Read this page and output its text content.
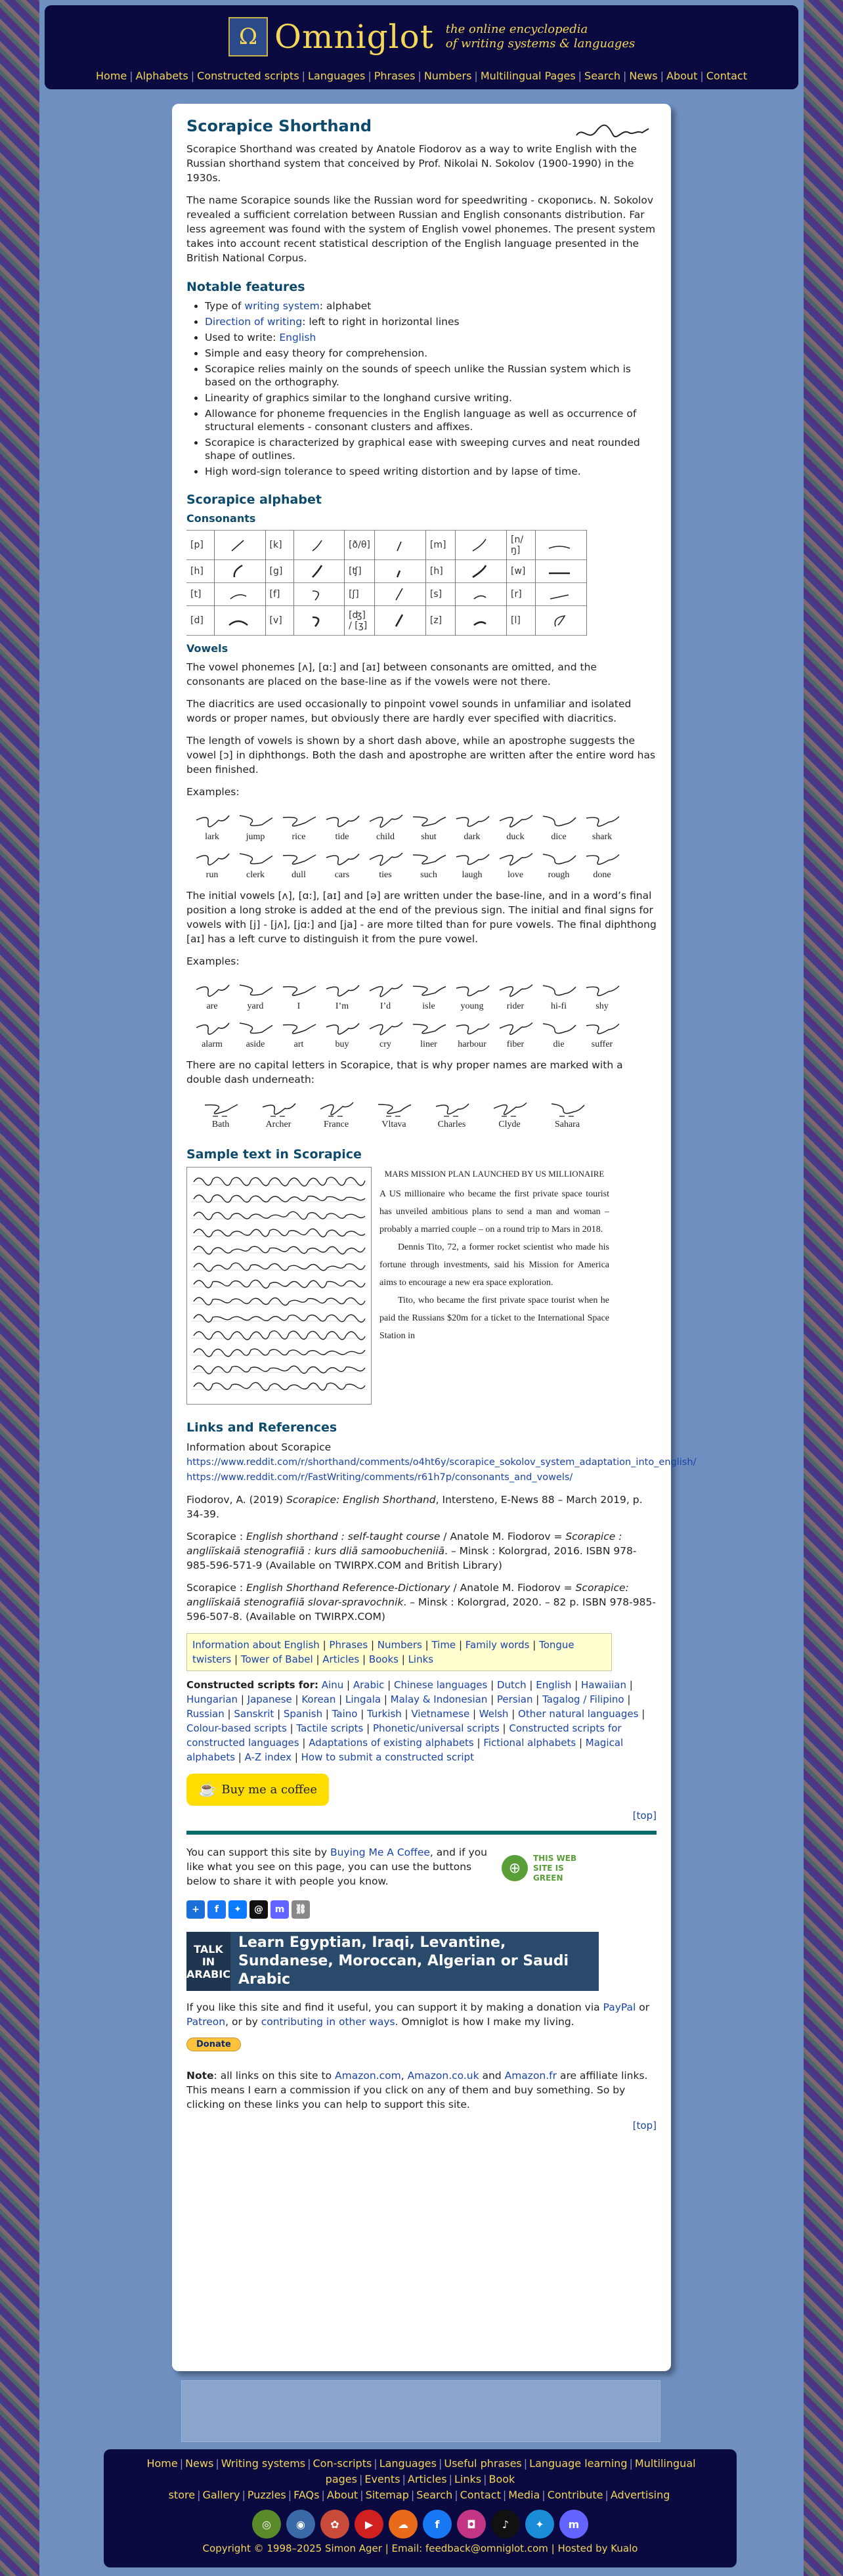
Ω Omniglot the online encyclopedia
of writing systems & languages
Home | Alphabets | Constructed scripts | Languages | Phrases | Numbers | Multilingual Pages | Search | News | About | Contact
Scorapice Shorthand

Scorapice Shorthand was created by Anatole Fiodorov as a way to write English with the Russian shorthand system that conceived by Prof. Nikolai N. Sokolov (1900-1990) in the 1930s.

The name Scorapice sounds like the Russian word for speedwriting - скоропись. N. Sokolov revealed a sufficient correlation between Russian and English consonants distribution. Far less agreement was found with the system of English vowel phonemes. The present system takes into account recent statistical description of the English language presented in the British National Corpus.

Notable features
• Type of writing system: alphabet
• Direction of writing: left to right in horizontal lines
• Used to write: English
• Simple and easy theory for comprehension.
• Scorapice relies mainly on the sounds of speech unlike the Russian system which is based on the orthography.
• Linearity of graphics similar to the longhand cursive writing.
• Allowance for phoneme frequencies in the English language as well as occurrence of structural elements - consonant clusters and affixes.
• Scorapice is characterized by graphical ease with sweeping curves and neat rounded shape of outlines.
• High word-sign tolerance to speed writing distortion and by lapse of time.
Scorapice alphabet
Consonants
[p]		[k]		[ð/θ]		[m]		[n/ŋ]	
[h]		[g]		[ʧ]		[h]		[w]	
[t]		[f]		[ʃ]		[s]		[r]	
[d]		[v]		[ʤ] / [ʒ]		[z]		[l]	
Vowels

The vowel phonemes [ʌ], [ɑ:] and [aɪ] between consonants are omitted, and the consonants are placed on the base-line as if the vowels were not there.

The diacritics are used occasionally to pinpoint vowel sounds in unfamiliar and isolated words or proper names, but obviously there are hardly ever specified with diacritics.

The length of vowels is shown by a short dash above, while an apostrophe suggests the vowel [ɔ] in diphthongs. Both the dash and apostrophe are written after the entire word has been finished.

Examples:

lark	jump	rice	tide	child	shut	dark	duck	dice	shark
run	clerk	dull	cars	ties	such	laugh	love	rough	done

The initial vowels [ʌ], [ɑ:], [aɪ] and [ə] are written under the base-line, and in a word’s final position a long stroke is added at the end of the previous sign. The initial and final signs for vowels with [j] - [jʌ], [jɑ:] and [ja] - are more tilted than for pure vowels. The final diphthong [aɪ] has a left curve to distinguish it from the pure vowel.

Examples:

are	yard	I	I’m	I’d	isle	young	rider	hi-fi	shy
alarm	aside	art	buy	cry	liner	harbour	fiber	die	suffer

There are no capital letters in Scorapice, that is why proper names are marked with a double dash underneath:

Bath	Archer	France	Vltava	Charles	Clyde	Sahara
Sample text in Scorapice
MARS MISSION PLAN LAUNCHED BY US MILLIONAIRE

A US millionaire who became the first private space tourist has unveiled ambitious plans to send a man and woman – probably a married couple – on a round trip to Mars in 2018.

Dennis Tito, 72, a former rocket scientist who made his fortune through investments, said his Mission for America aims to encourage a new era space exploration.

Tito, who became the first private space tourist when he paid the Russians $20m for a ticket to the International Space Station in

Links and References

Information about Scorapice
https://www.reddit.com/r/shorthand/comments/o4ht6y/scorapice_sokolov_system_adaptation_into_english/
https://www.reddit.com/r/FastWriting/comments/r61h7p/consonants_and_vowels/

Fiodorov, A. (2019) Scorapice: English Shorthand, Intersteno, E-News 88 – March 2019, p. 34-39.

Scorapice : English shorthand : self-taught course / Anatole M. Fiodorov = Scorapice : angliĭskaiā stenografiiā : kurs dliā samoobucheniiā. – Minsk : Kolorgrad, 2016. ISBN 978-985-596-571-9 (Available on TWIRPX.COM and British Library)

Scorapice : English Shorthand Reference-Dictionary / Anatole M. Fiodorov = Scorapice: angliĭskaiā stenografiiā slovar-spravochnik. – Minsk : Kolorgrad, 2020. – 82 p. ISBN 978-985-596-507-8. (Available on TWIRPX.COM)

Information about English | Phrases | Numbers | Time | Family words | Tongue twisters | Tower of Babel | Articles | Books | Links
Constructed scripts for: Ainu | Arabic | Chinese languages | Dutch | English | Hawaiian | Hungarian | Japanese | Korean | Lingala | Malay & Indonesian | Persian | Tagalog / Filipino | Russian | Sanskrit | Spanish | Taino | Turkish | Vietnamese | Welsh | Other natural languages | Colour-based scripts | Tactile scripts | Phonetic/universal scripts | Constructed scripts for constructed languages | Adaptations of existing alphabets | Fictional alphabets | Magical alphabets | A-Z index | How to submit a constructed script
☕ Buy me a coffee
[top]

You can support this site by Buying Me A Coffee, and if you like what you see on this page, you can use the buttons below to share it with people you know.

⊕
THIS WEB SITE IS GREEN
+	f	✦	@	m	⛓
TALK IN ARABIC
Learn Egyptian, Iraqi, Levantine, Sundanese, Moroccan, Algerian or Saudi Arabic

If you like this site and find it useful, you can support it by making a donation via PayPal or Patreon, or by contributing in other ways. Omniglot is how I make my living.

Donate

Note: all links on this site to Amazon.com, Amazon.co.uk and Amazon.fr are affiliate links. This means I earn a commission if you click on any of them and buy something. So by clicking on these links you can help to support this site.

[top]
Home | News | Writing systems | Con-scripts | Languages | Useful phrases | Language learning | Multilingual pages | Events | Articles | Links | Book store | Gallery | Puzzles | FAQs | About | Sitemap | Search | Contact | Media | Contribute | Advertising
◎	◉	✿	▶	☁	f	◘	♪	✦	m
Copyright © 1998–2025 Simon Ager | Email: feedback@omniglot.com | Hosted by Kualo
